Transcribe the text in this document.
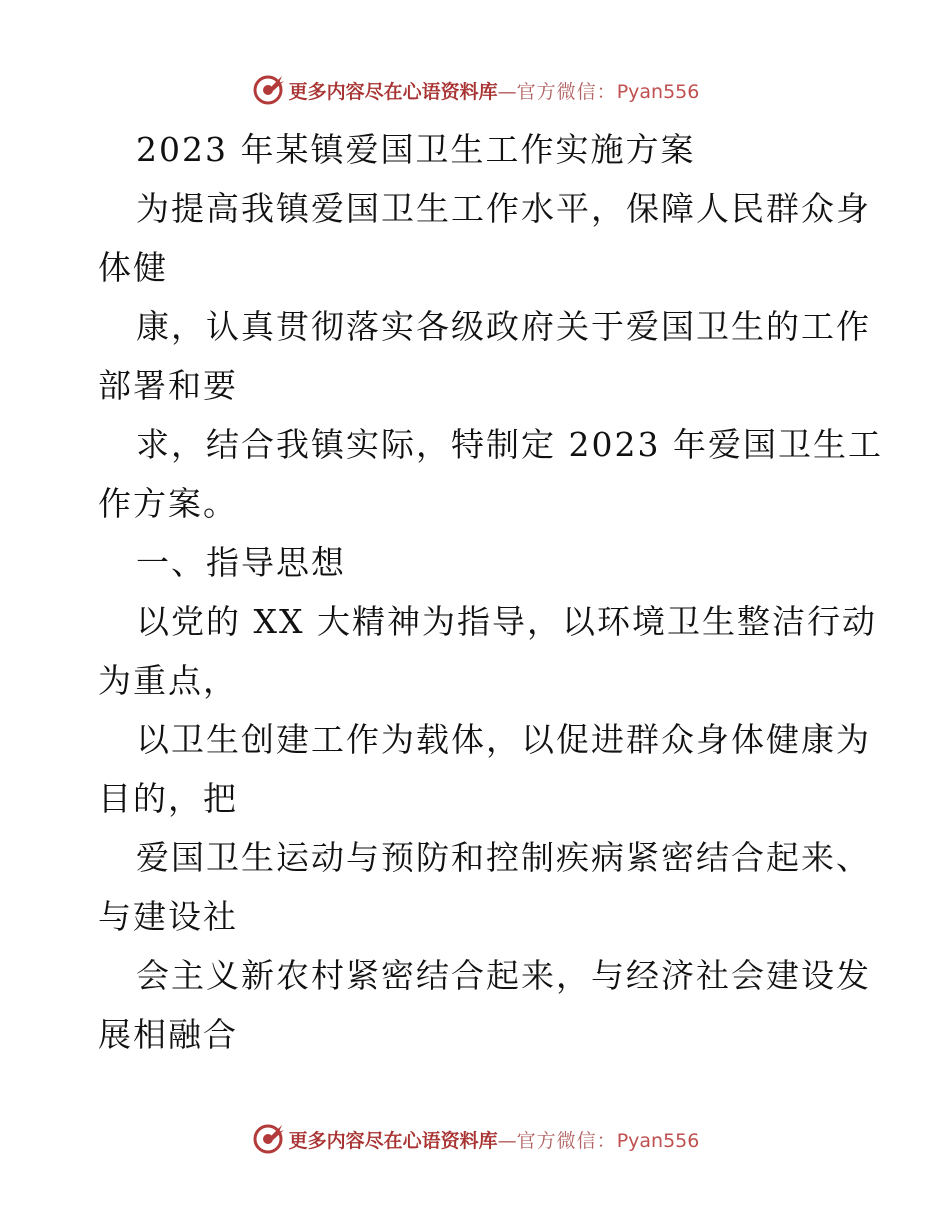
更多内容尽在心语资料库—官方微信：Pyan556
2023 年某镇爱国卫生工作实施方案
为提高我镇爱国卫生工作水平，保障人民群众身
体健
康，认真贯彻落实各级政府关于爱国卫生的工作
部署和要
求，结合我镇实际，特制定 2023 年爱国卫生工
作方案。
一、指导思想
以党的 XX 大精神为指导，以环境卫生整洁行动
为重点，
以卫生创建工作为载体，以促进群众身体健康为
目的，把
爱国卫生运动与预防和控制疾病紧密结合起来、
与建设社
会主义新农村紧密结合起来，与经济社会建设发
展相融合
更多内容尽在心语资料库—官方微信：Pyan556
